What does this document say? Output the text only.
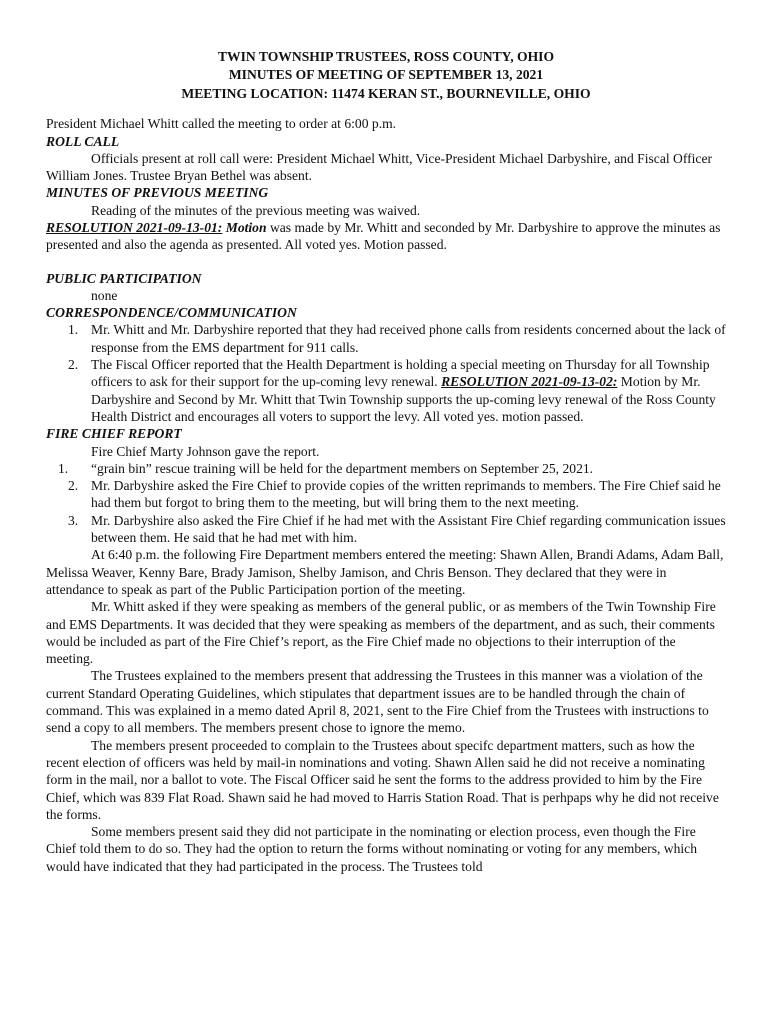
TWIN TOWNSHIP TRUSTEES, ROSS COUNTY, OHIO
MINUTES OF MEETING OF SEPTEMBER 13, 2021
MEETING LOCATION: 11474 KERAN ST., BOURNEVILLE, OHIO

President Michael Whitt called the meeting to order at 6:00 p.m.

ROLL CALL

Officials present at roll call were: President Michael Whitt, Vice-President Michael Darbyshire, and Fiscal Officer William Jones. Trustee Bryan Bethel was absent.

MINUTES OF PREVIOUS MEETING

Reading of the minutes of the previous meeting was waived.

RESOLUTION 2021-09-13-01: Motion was made by Mr. Whitt and seconded by Mr. Darbyshire to approve the minutes as presented and also the agenda as presented. All voted yes. Motion passed.

PUBLIC PARTICIPATION

none

CORRESPONDENCE/COMMUNICATION
1. Mr. Whitt and Mr. Darbyshire reported that they had received phone calls from residents concerned about the lack of response from the EMS department for 911 calls.
2. The Fiscal Officer reported that the Health Department is holding a special meeting on Thursday for all Township officers to ask for their support for the up-coming levy renewal. RESOLUTION 2021-09-13-02: Motion by Mr. Darbyshire and Second by Mr. Whitt that Twin Township supports the up-coming levy renewal of the Ross County Health District and encourages all voters to support the levy. All voted yes. motion passed.
FIRE CHIEF REPORT

Fire Chief Marty Johnson gave the report.

1. “grain bin” rescue training will be held for the department members on September 25, 2021.
2. Mr. Darbyshire asked the Fire Chief to provide copies of the written reprimands to members. The Fire Chief said he had them but forgot to bring them to the meeting, but will bring them to the next meeting.
3. Mr. Darbyshire also asked the Fire Chief if he had met with the Assistant Fire Chief regarding communication issues between them. He said that he had met with him.

At 6:40 p.m. the following Fire Department members entered the meeting: Shawn Allen, Brandi Adams, Adam Ball, Melissa Weaver, Kenny Bare, Brady Jamison, Shelby Jamison, and Chris Benson. They declared that they were in attendance to speak as part of the Public Participation portion of the meeting.

Mr. Whitt asked if they were speaking as members of the general public, or as members of the Twin Township Fire and EMS Departments. It was decided that they were speaking as members of the department, and as such, their comments would be included as part of the Fire Chief’s report, as the Fire Chief made no objections to their interruption of the meeting.

The Trustees explained to the members present that addressing the Trustees in this manner was a violation of the current Standard Operating Guidelines, which stipulates that department issues are to be handled through the chain of command. This was explained in a memo dated April 8, 2021, sent to the Fire Chief from the Trustees with instructions to send a copy to all members. The members present chose to ignore the memo.

The members present proceeded to complain to the Trustees about specifc department matters, such as how the recent election of officers was held by mail-in nominations and voting. Shawn Allen said he did not receive a nominating form in the mail, nor a ballot to vote. The Fiscal Officer said he sent the forms to the address provided to him by the Fire Chief, which was 839 Flat Road. Shawn said he had moved to Harris Station Road. That is perhpaps why he did not receive the forms.

Some members present said they did not participate in the nominating or election process, even though the Fire Chief told them to do so. They had the option to return the forms without nominating or voting for any members, which would have indicated that they had participated in the process. The Trustees told
